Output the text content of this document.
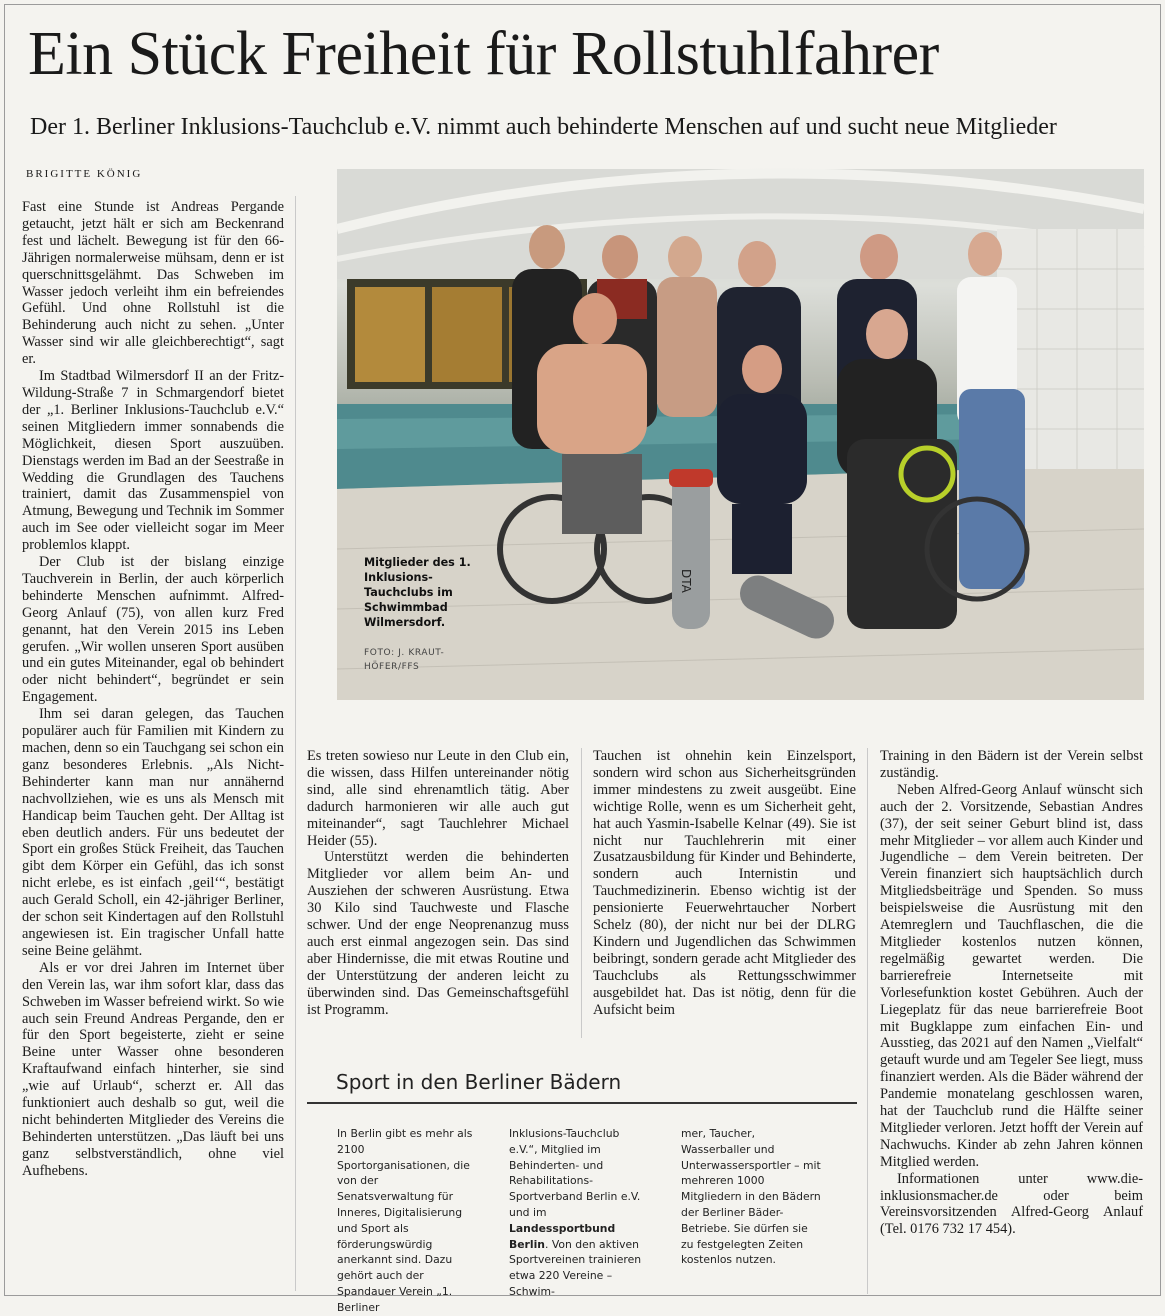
Ein Stück Freiheit für Rollstuhlfahrer
Der 1. Berliner Inklusions-Tauchclub e.V. nimmt auch behinderte Menschen auf und sucht neue Mitglieder
BRIGITTE KÖNIG
DTA
Mitglieder des 1. Inklusions-Tauchclubs im Schwimmbad Wilmersdorf.
FOTO: J. KRAUT-HÖFER/FFS

Fast eine Stunde ist Andreas Pergande getaucht, jetzt hält er sich am Beckenrand fest und lächelt. Bewegung ist für den 66-Jährigen normalerweise mühsam, denn er ist querschnittsgelähmt. Das Schweben im Wasser jedoch verleiht ihm ein befreiendes Gefühl. Und ohne Rollstuhl ist die Behinderung auch nicht zu sehen. „Unter Wasser sind wir alle gleichberechtigt“, sagt er.

Im Stadtbad Wilmersdorf II an der Fritz-Wildung-Straße 7 in Schmargendorf bietet der „1. Berliner Inklusions-Tauchclub e.V.“ seinen Mitgliedern immer sonnabends die Möglichkeit, diesen Sport auszuüben. Dienstags werden im Bad an der Seestraße in Wedding die Grundlagen des Tauchens trainiert, damit das Zusammenspiel von Atmung, Bewegung und Technik im Sommer auch im See oder vielleicht sogar im Meer problemlos klappt.

Der Club ist der bislang einzige Tauchverein in Berlin, der auch körperlich behinderte Menschen aufnimmt. Alfred-Georg Anlauf (75), von allen kurz Fred genannt, hat den Verein 2015 ins Leben gerufen. „Wir wollen unseren Sport ausüben und ein gutes Miteinander, egal ob behindert oder nicht behindert“, begründet er sein Engagement.

Ihm sei daran gelegen, das Tauchen populärer auch für Familien mit Kindern zu machen, denn so ein Tauchgang sei schon ein ganz besonderes Erlebnis. „Als Nicht-Behinderter kann man nur annähernd nachvollziehen, wie es uns als Mensch mit Handicap beim Tauchen geht. Der Alltag ist eben deutlich anders. Für uns bedeutet der Sport ein großes Stück Freiheit, das Tauchen gibt dem Körper ein Gefühl, das ich sonst nicht erlebe, es ist einfach ‚geil‘“, bestätigt auch Gerald Scholl, ein 42-jähriger Berliner, der schon seit Kindertagen auf den Rollstuhl angewiesen ist. Ein tragischer Unfall hatte seine Beine gelähmt.

Als er vor drei Jahren im Internet über den Verein las, war ihm sofort klar, dass das Schweben im Wasser befreiend wirkt. So wie auch sein Freund Andreas Pergande, den er für den Sport begeisterte, zieht er seine Beine unter Wasser ohne besonderen Kraftaufwand einfach hinterher, sie sind „wie auf Urlaub“, scherzt er. All das funktioniert auch deshalb so gut, weil die nicht behinderten Mitglieder des Vereins die Behinderten unterstützen. „Das läuft bei uns ganz selbstverständlich, ohne viel Aufhebens.

Es treten sowieso nur Leute in den Club ein, die wissen, dass Hilfen untereinander nötig sind, alle sind ehrenamtlich tätig. Aber dadurch harmonieren wir alle auch gut miteinander“, sagt Tauchlehrer Michael Heider (55).

Unterstützt werden die behinderten Mitglieder vor allem beim An- und Ausziehen der schweren Ausrüstung. Etwa 30 Kilo sind Tauchweste und Flasche schwer. Und der enge Neoprenanzug muss auch erst einmal angezogen sein. Das sind aber Hindernisse, die mit etwas Routine und der Unterstützung der anderen leicht zu überwinden sind. Das Gemeinschaftsgefühl ist Programm.

Tauchen ist ohnehin kein Einzelsport, sondern wird schon aus Sicherheitsgründen immer mindestens zu zweit ausgeübt. Eine wichtige Rolle, wenn es um Sicherheit geht, hat auch Yasmin-Isabelle Kelnar (49). Sie ist nicht nur Tauchlehrerin mit einer Zusatzausbildung für Kinder und Behinderte, sondern auch Internistin und Tauchmedizinerin. Ebenso wichtig ist der pensionierte Feuerwehrtaucher Norbert Schelz (80), der nicht nur bei der DLRG Kindern und Jugendlichen das Schwimmen beibringt, sondern gerade acht Mitglieder des Tauchclubs als Rettungsschwimmer ausgebildet hat. Das ist nötig, denn für die Aufsicht beim

Training in den Bädern ist der Verein selbst zuständig.

Neben Alfred-Georg Anlauf wünscht sich auch der 2. Vorsitzende, Sebastian Andres (37), der seit seiner Geburt blind ist, dass mehr Mitglieder – vor allem auch Kinder und Jugendliche – dem Verein beitreten. Der Verein finanziert sich hauptsächlich durch Mitgliedsbeiträge und Spenden. So muss beispielsweise die Ausrüstung mit den Atemreglern und Tauchflaschen, die die Mitglieder kostenlos nutzen können, regelmäßig gewartet werden. Die barrierefreie Internetseite mit Vorlesefunktion kostet Gebühren. Auch der Liegeplatz für das neue barrierefreie Boot mit Bugklappe zum einfachen Ein- und Ausstieg, das 2021 auf den Namen „Vielfalt“ getauft wurde und am Tegeler See liegt, muss finanziert werden. Als die Bäder während der Pandemie monatelang geschlossen waren, hat der Tauchclub rund die Hälfte seiner Mitglieder verloren. Jetzt hofft der Verein auf Nachwuchs. Kinder ab zehn Jahren können Mitglied werden.

Informationen unter www.die-inklusionsmacher.de oder beim Vereinsvorsitzenden Alfred-Georg Anlauf (Tel. 0176 732 17 454).

Sport in den Berliner Bädern
In Berlin gibt es mehr als 2100 Sportorganisationen, die von der Senatsverwaltung für Inneres, Digitalisierung und Sport als förderungswürdig anerkannt sind. Dazu gehört auch der Spandauer Verein „1. Berliner
Inklusions-Tauchclub e.V.“, Mitglied im Behinderten- und Rehabilitations-Sportverband Berlin e.V. und im Landessportbund Berlin. Von den aktiven Sportvereinen trainieren etwa 220 Vereine – Schwim-
mer, Taucher, Wasserballer und Unterwassersportler – mit mehreren 1000 Mitgliedern in den Bädern der Berliner Bäder-Betriebe. Sie dürfen sie zu festgelegten Zeiten kostenlos nutzen.
